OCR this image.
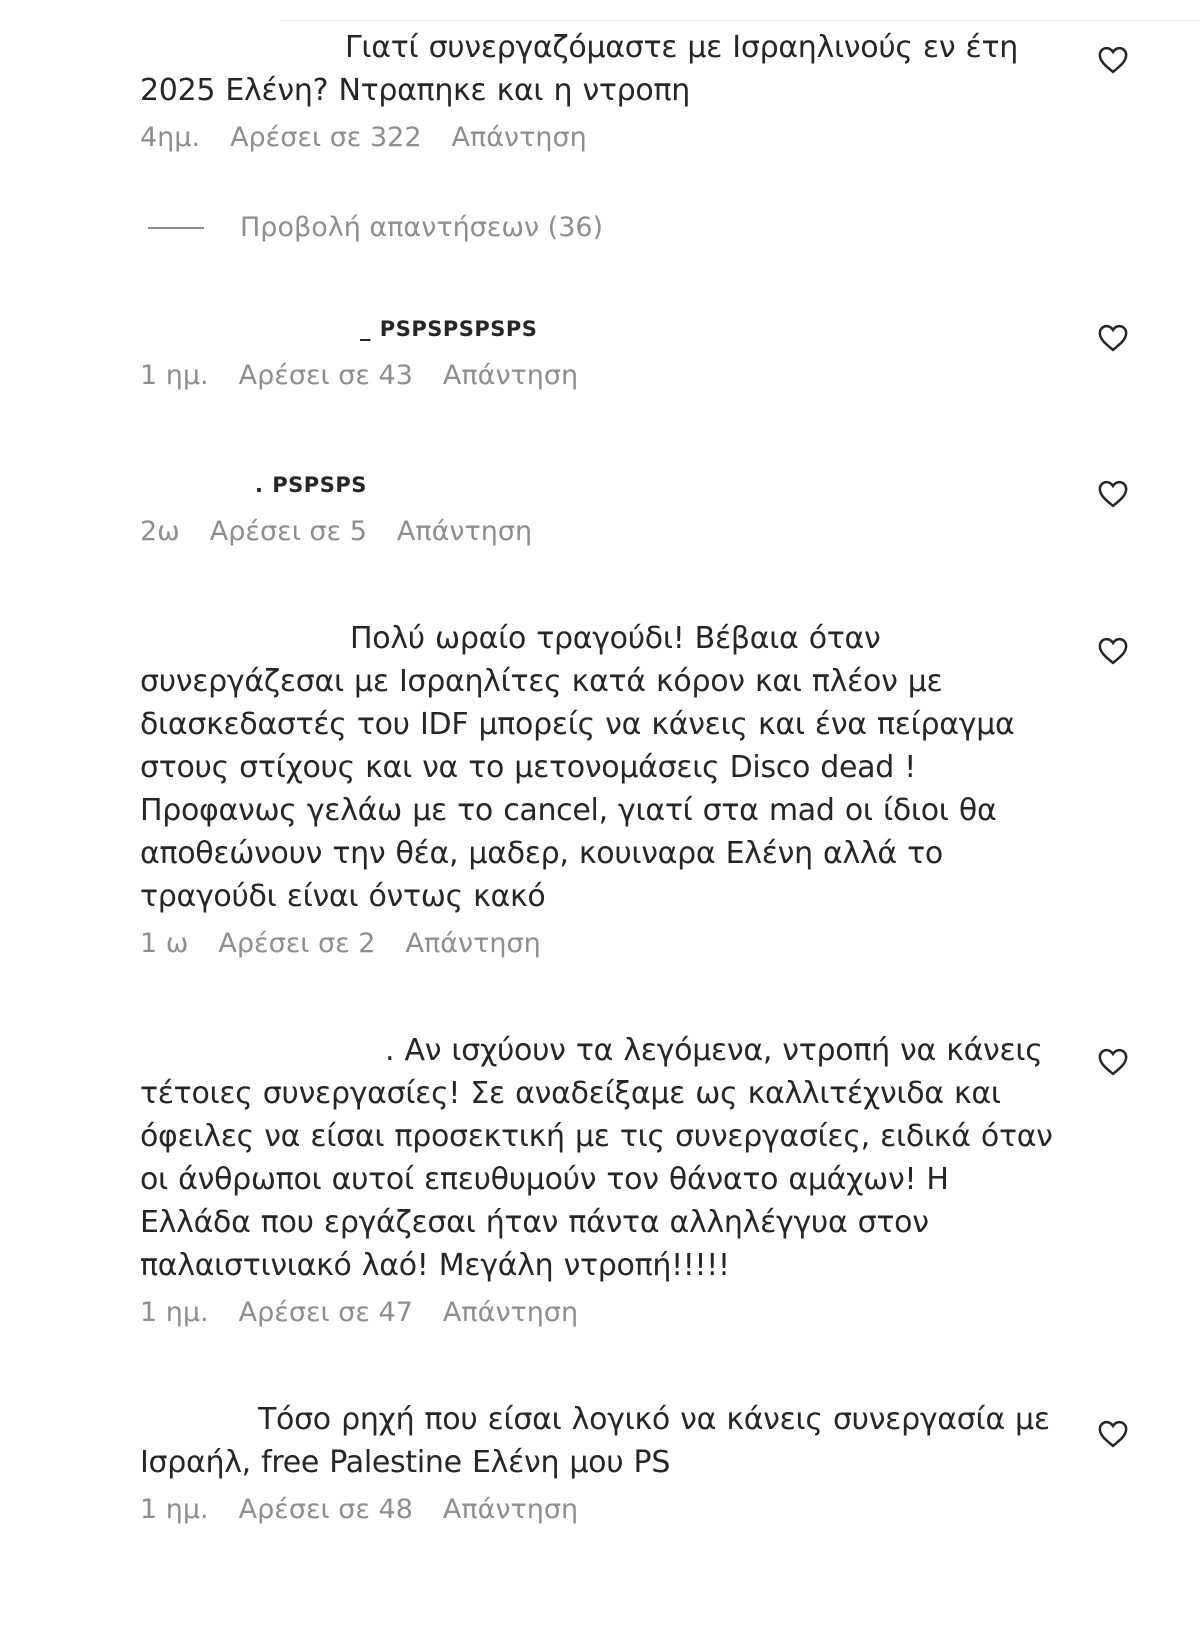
Γιατί συνεργαζόμαστε με Ισραηλινούς εν έτη
2025 Ελένη? Ντραπηκε και η ντροπη
4ημ. Αρέσει σε 322 Απάντηση
Προβολή απαντήσεων (36)
_ PSPSPSPSPS
1 ημ. Αρέσει σε 43 Απάντηση
. PSPSPS
2ω Αρέσει σε 5 Απάντηση
Πολύ ωραίο τραγούδι! Βέβαια όταν
συνεργάζεσαι με Ισραηλίτες κατά κόρον και πλέον με
διασκεδαστές του IDF μπορείς να κάνεις και ένα πείραγμα
στους στίχους και να το μετονομάσεις Disco dead !
Προφανως γελάω με το cancel, γιατί στα mad οι ίδιοι θα
αποθεώνουν την θέα, μαδερ, κουιναρα Ελένη αλλά το
τραγούδι είναι όντως κακό
1 ω Αρέσει σε 2 Απάντηση
. Αν ισχύουν τα λεγόμενα, ντροπή να κάνεις
τέτοιες συνεργασίες! Σε αναδείξαμε ως καλλιτέχνιδα και
όφειλες να είσαι προσεκτική με τις συνεργασίες, ειδικά όταν
οι άνθρωποι αυτοί επευθυμούν τον θάνατο αμάχων! Η
Ελλάδα που εργάζεσαι ήταν πάντα αλληλέγγυα στον
παλαιστινιακό λαό! Μεγάλη ντροπή!!!!!
1 ημ. Αρέσει σε 47 Απάντηση
Τόσο ρηχή που είσαι λογικό να κάνεις συνεργασία με
Ισραήλ, free Palestine Ελένη μου PS
1 ημ. Αρέσει σε 48 Απάντηση
